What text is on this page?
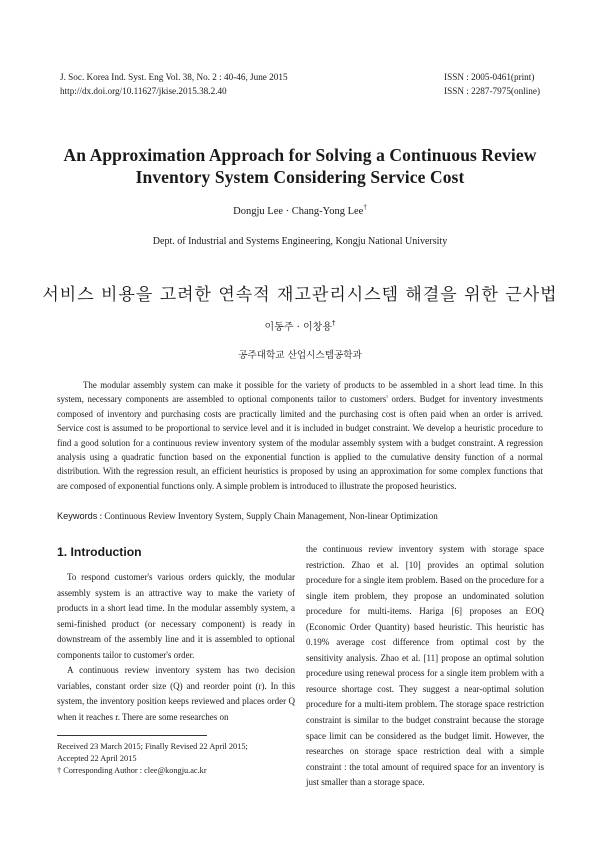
J. Soc. Korea Ind. Syst. Eng Vol. 38, No. 2 : 40-46, June 2015
http://dx.doi.org/10.11627/jkise.2015.38.2.40
ISSN : 2005-0461(print)
ISSN : 2287-7975(online)
An Approximation Approach for Solving a Continuous Review
Inventory System Considering Service Cost
Dongju Lee · Chang-Yong Lee†
Dept. of Industrial and Systems Engineering, Kongju National University
서비스 비용을 고려한 연속적 재고관리시스템 해결을 위한 근사법
이동주 · 이창용†
공주대학교 산업시스템공학과
The modular assembly system can make it possible for the variety of products to be assembled in a short lead time. In this system, necessary components are assembled to optional components tailor to customers' orders. Budget for inventory investments composed of inventory and purchasing costs are practically limited and the purchasing cost is often paid when an order is arrived. Service cost is assumed to be proportional to service level and it is included in budget constraint. We develop a heuristic procedure to find a good solution for a continuous review inventory system of the modular assembly system with a budget constraint. A regression analysis using a quadratic function based on the exponential function is applied to the cumulative density function of a normal distribution. With the regression result, an efficient heuristics is proposed by using an approximation for some complex functions that are composed of exponential functions only. A simple problem is introduced to illustrate the proposed heuristics.
Keywords : Continuous Review Inventory System, Supply Chain Management, Non-linear Optimization
1. Introduction

To respond customer's various orders quickly, the modular assembly system is an attractive way to make the variety of products in a short lead time. In the modular assembly system, a semi-finished product (or necessary component) is ready in downstream of the assembly line and it is assembled to optional components tailor to customer's order.

A continuous review inventory system has two decision variables, constant order size (Q) and reorder point (r). In this system, the inventory position keeps reviewed and places order Q when it reaches r. There are some researches on

the continuous review inventory system with storage space restriction. Zhao et al. [10] provides an optimal solution procedure for a single item problem. Based on the procedure for a single item problem, they propose an undominated solution procedure for multi-items. Hariga [6] proposes an EOQ (Economic Order Quantity) based heuristic. This heuristic has 0.19% average cost difference from optimal cost by the sensitivity analysis. Zhao et al. [11] propose an optimal solution procedure using renewal process for a single item problem with a resource shortage cost. They suggest a near-optimal solution procedure for a multi-item problem. The storage space restriction constraint is similar to the budget constraint because the storage space limit can be considered as the budget limit. However, the researches on storage space restriction deal with a simple constraint : the total amount of required space for an inventory is just smaller than a storage space.

Received 23 March 2015; Finally Revised 22 April 2015;
Accepted 22 April 2015
† Corresponding Author : clee@kongju.ac.kr
